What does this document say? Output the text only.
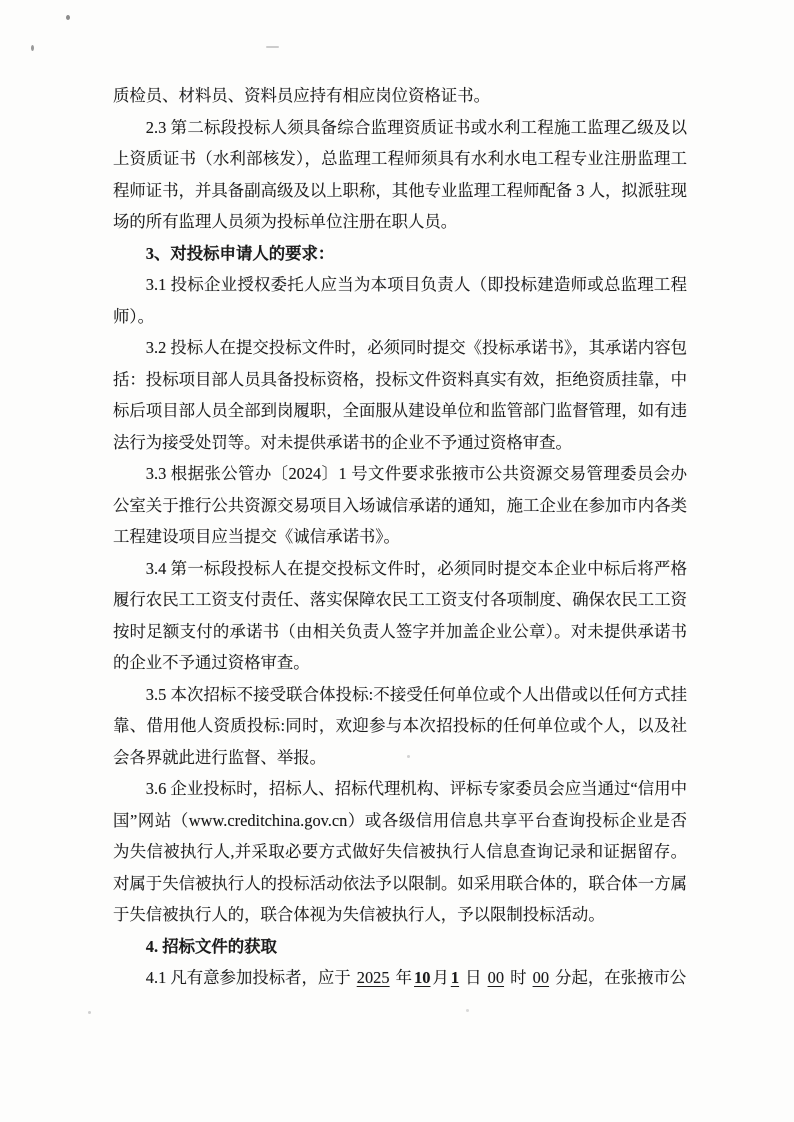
质检员、材料员、资料员应持有相应岗位资格证书。

2.3 第二标段投标人须具备综合监理资质证书或水利工程施工监理乙级及以上资质证书（水利部核发），总监理工程师须具有水利水电工程专业注册监理工程师证书，并具备副高级及以上职称，其他专业监理工程师配备 3 人，拟派驻现场的所有监理人员须为投标单位注册在职人员。

3、对投标申请人的要求：

3.1 投标企业授权委托人应当为本项目负责人（即投标建造师或总监理工程师）。

3.2 投标人在提交投标文件时，必须同时提交《投标承诺书》，其承诺内容包括：投标项目部人员具备投标资格，投标文件资料真实有效，拒绝资质挂靠，中标后项目部人员全部到岗履职，全面服从建设单位和监管部门监督管理，如有违法行为接受处罚等。对未提供承诺书的企业不予通过资格审查。

3.3 根据张公管办〔2024〕1 号文件要求张掖市公共资源交易管理委员会办公室关于推行公共资源交易项目入场诚信承诺的通知，施工企业在参加市内各类工程建设项目应当提交《诚信承诺书》。

3.4 第一标段投标人在提交投标文件时，必须同时提交本企业中标后将严格履行农民工工资支付责任、落实保障农民工工资支付各项制度、确保农民工工资按时足额支付的承诺书（由相关负责人签字并加盖企业公章）。对未提供承诺书的企业不予通过资格审查。

3.5 本次招标不接受联合体投标:不接受任何单位或个人出借或以任何方式挂靠、借用他人资质投标:同时，欢迎参与本次招投标的任何单位或个人，以及社会各界就此进行监督、举报。

3.6 企业投标时，招标人、招标代理机构、评标专家委员会应当通过“信用中国”网站（www.creditchina.gov.cn）或各级信用信息共享平台查询投标企业是否为失信被执行人,并采取必要方式做好失信被执行人信息查询记录和证据留存。对属于失信被执行人的投标活动依法予以限制。如采用联合体的，联合体一方属于失信被执行人的，联合体视为失信被执行人，予以限制投标活动。

4. 招标文件的获取

4.1 凡有意参加投标者，应于 2025 年 10 月 1 日 00 时 00 分起，在张掖市公
